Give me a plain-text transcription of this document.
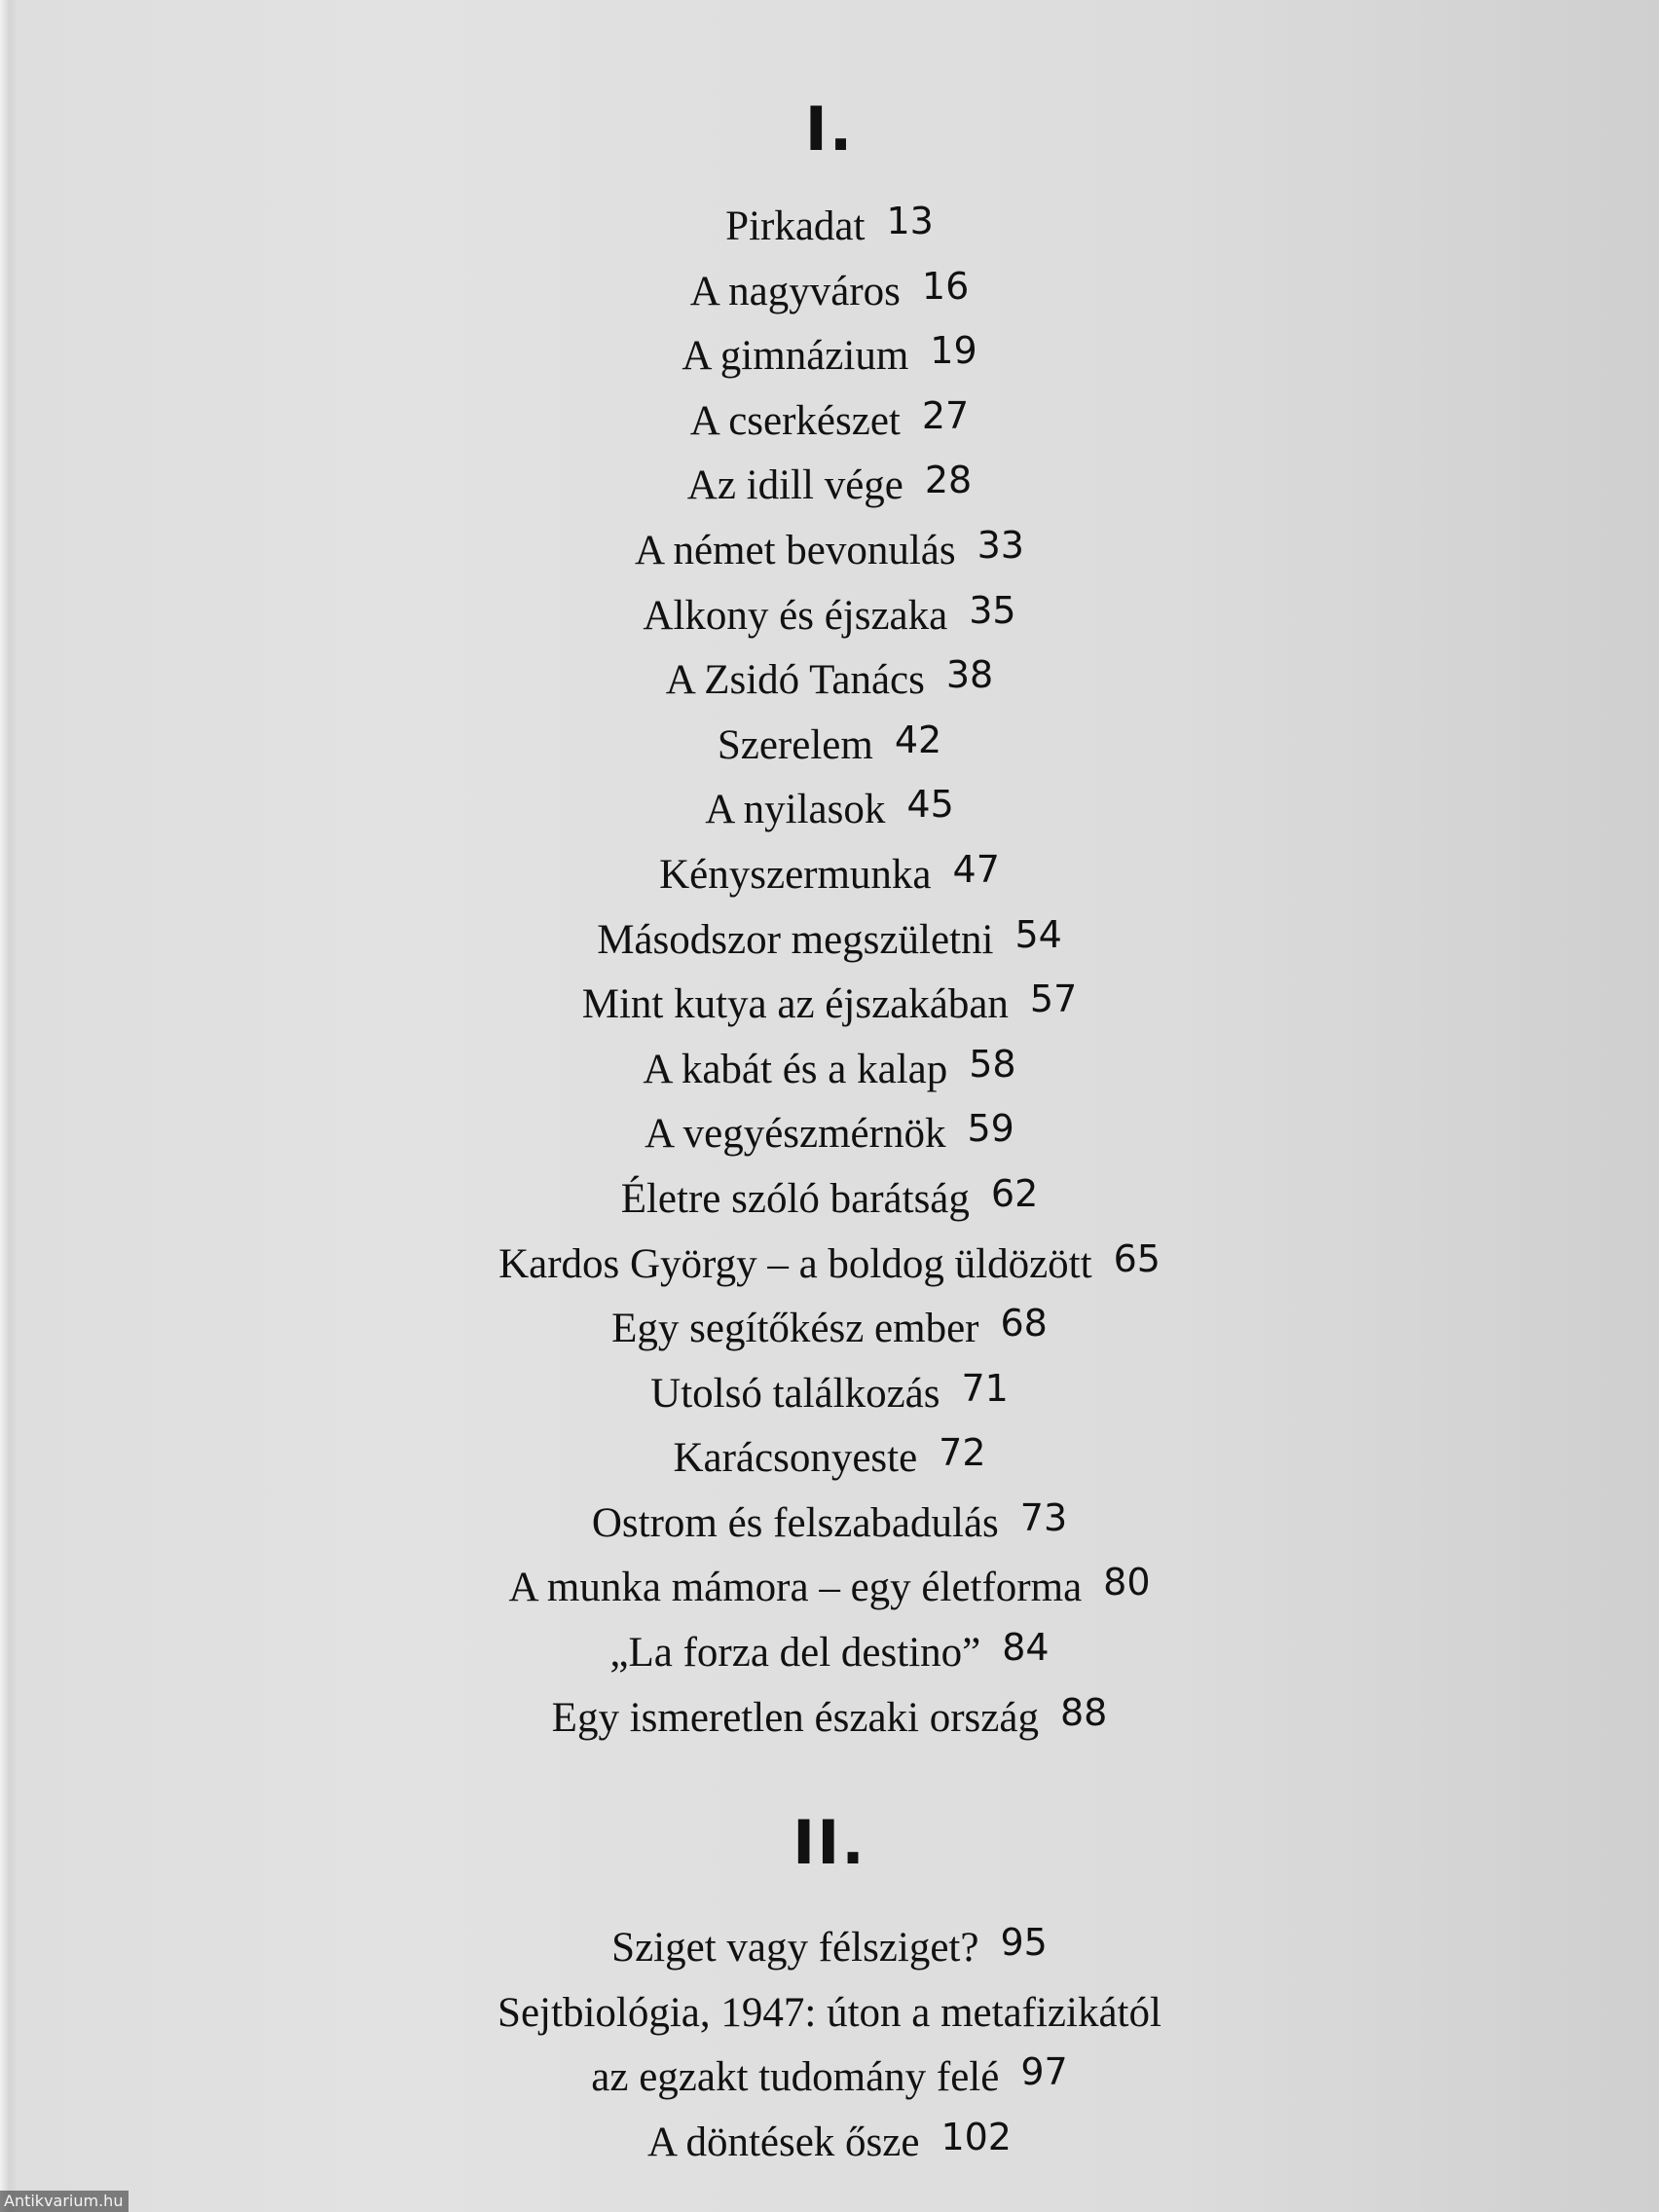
I.
Pirkadat 13
A nagyváros 16
A gimnázium 19
A cserkészet 27
Az idill vége 28
A német bevonulás 33
Alkony és éjszaka 35
A Zsidó Tanács 38
Szerelem 42
A nyilasok 45
Kényszermunka 47
Másodszor megszületni 54
Mint kutya az éjszakában 57
A kabát és a kalap 58
A vegyészmérnök 59
Életre szóló barátság 62
Kardos György – a boldog üldözött 65
Egy segítőkész ember 68
Utolsó találkozás 71
Karácsonyeste 72
Ostrom és felszabadulás 73
A munka mámora – egy életforma 80
„La forza del destino” 84
Egy ismeretlen északi ország 88
II.
Sziget vagy félsziget? 95
Sejtbiológia, 1947: úton a metafizikától
az egzakt tudomány felé 97
A döntések ősze 102
Antikvarium.hu
